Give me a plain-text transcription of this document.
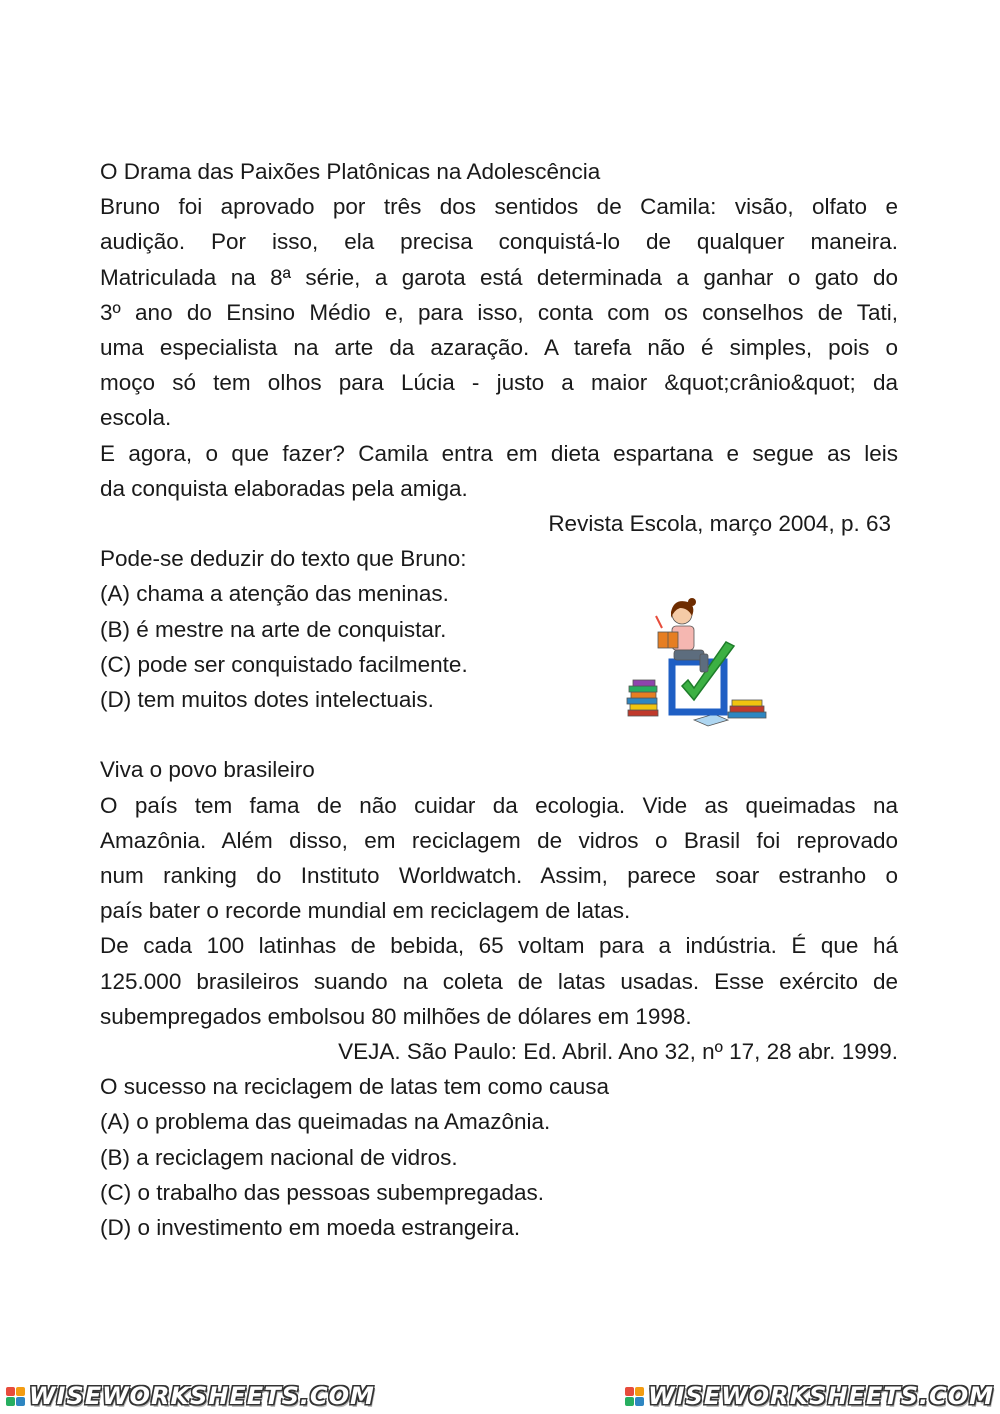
O Drama das Paixões Platônicas na Adolescência
Bruno foi aprovado por três dos sentidos de Camila: visão, olfato e
audição. Por isso, ela precisa conquistá-lo de qualquer maneira.
Matriculada na 8ª série, a garota está determinada a ganhar o gato do
3º ano do Ensino Médio e, para isso, conta com os conselhos de Tati,
uma especialista na arte da azaração. A tarefa não é simples, pois o
moço só tem olhos para Lúcia - justo a maior &quot;crânio&quot; da
escola.
E agora, o que fazer? Camila entra em dieta espartana e segue as leis
da conquista elaboradas pela amiga.
Revista Escola, março 2004, p. 63
Pode-se deduzir do texto que Bruno:
(A) chama a atenção das meninas.
(B) é mestre na arte de conquistar.
(C) pode ser conquistado facilmente.
(D) tem muitos dotes intelectuais.
Viva o povo brasileiro
O país tem fama de não cuidar da ecologia. Vide as queimadas na
Amazônia. Além disso, em reciclagem de vidros o Brasil foi reprovado
num ranking do Instituto Worldwatch. Assim, parece soar estranho o
país bater o recorde mundial em reciclagem de latas.
De cada 100 latinhas de bebida, 65 voltam para a indústria. É que há
125.000 brasileiros suando na coleta de latas usadas. Esse exército de
subempregados embolsou 80 milhões de dólares em 1998.
VEJA. São Paulo: Ed. Abril. Ano 32, nº 17, 28 abr. 1999.
O sucesso na reciclagem de latas tem como causa
(A) o problema das queimadas na Amazônia.
(B) a reciclagem nacional de vidros.
(C) o trabalho das pessoas subempregadas.
(D) o investimento em moeda estrangeira.
WISEWORKSHEETS.COM	WISEWORKSHEETS.COM
